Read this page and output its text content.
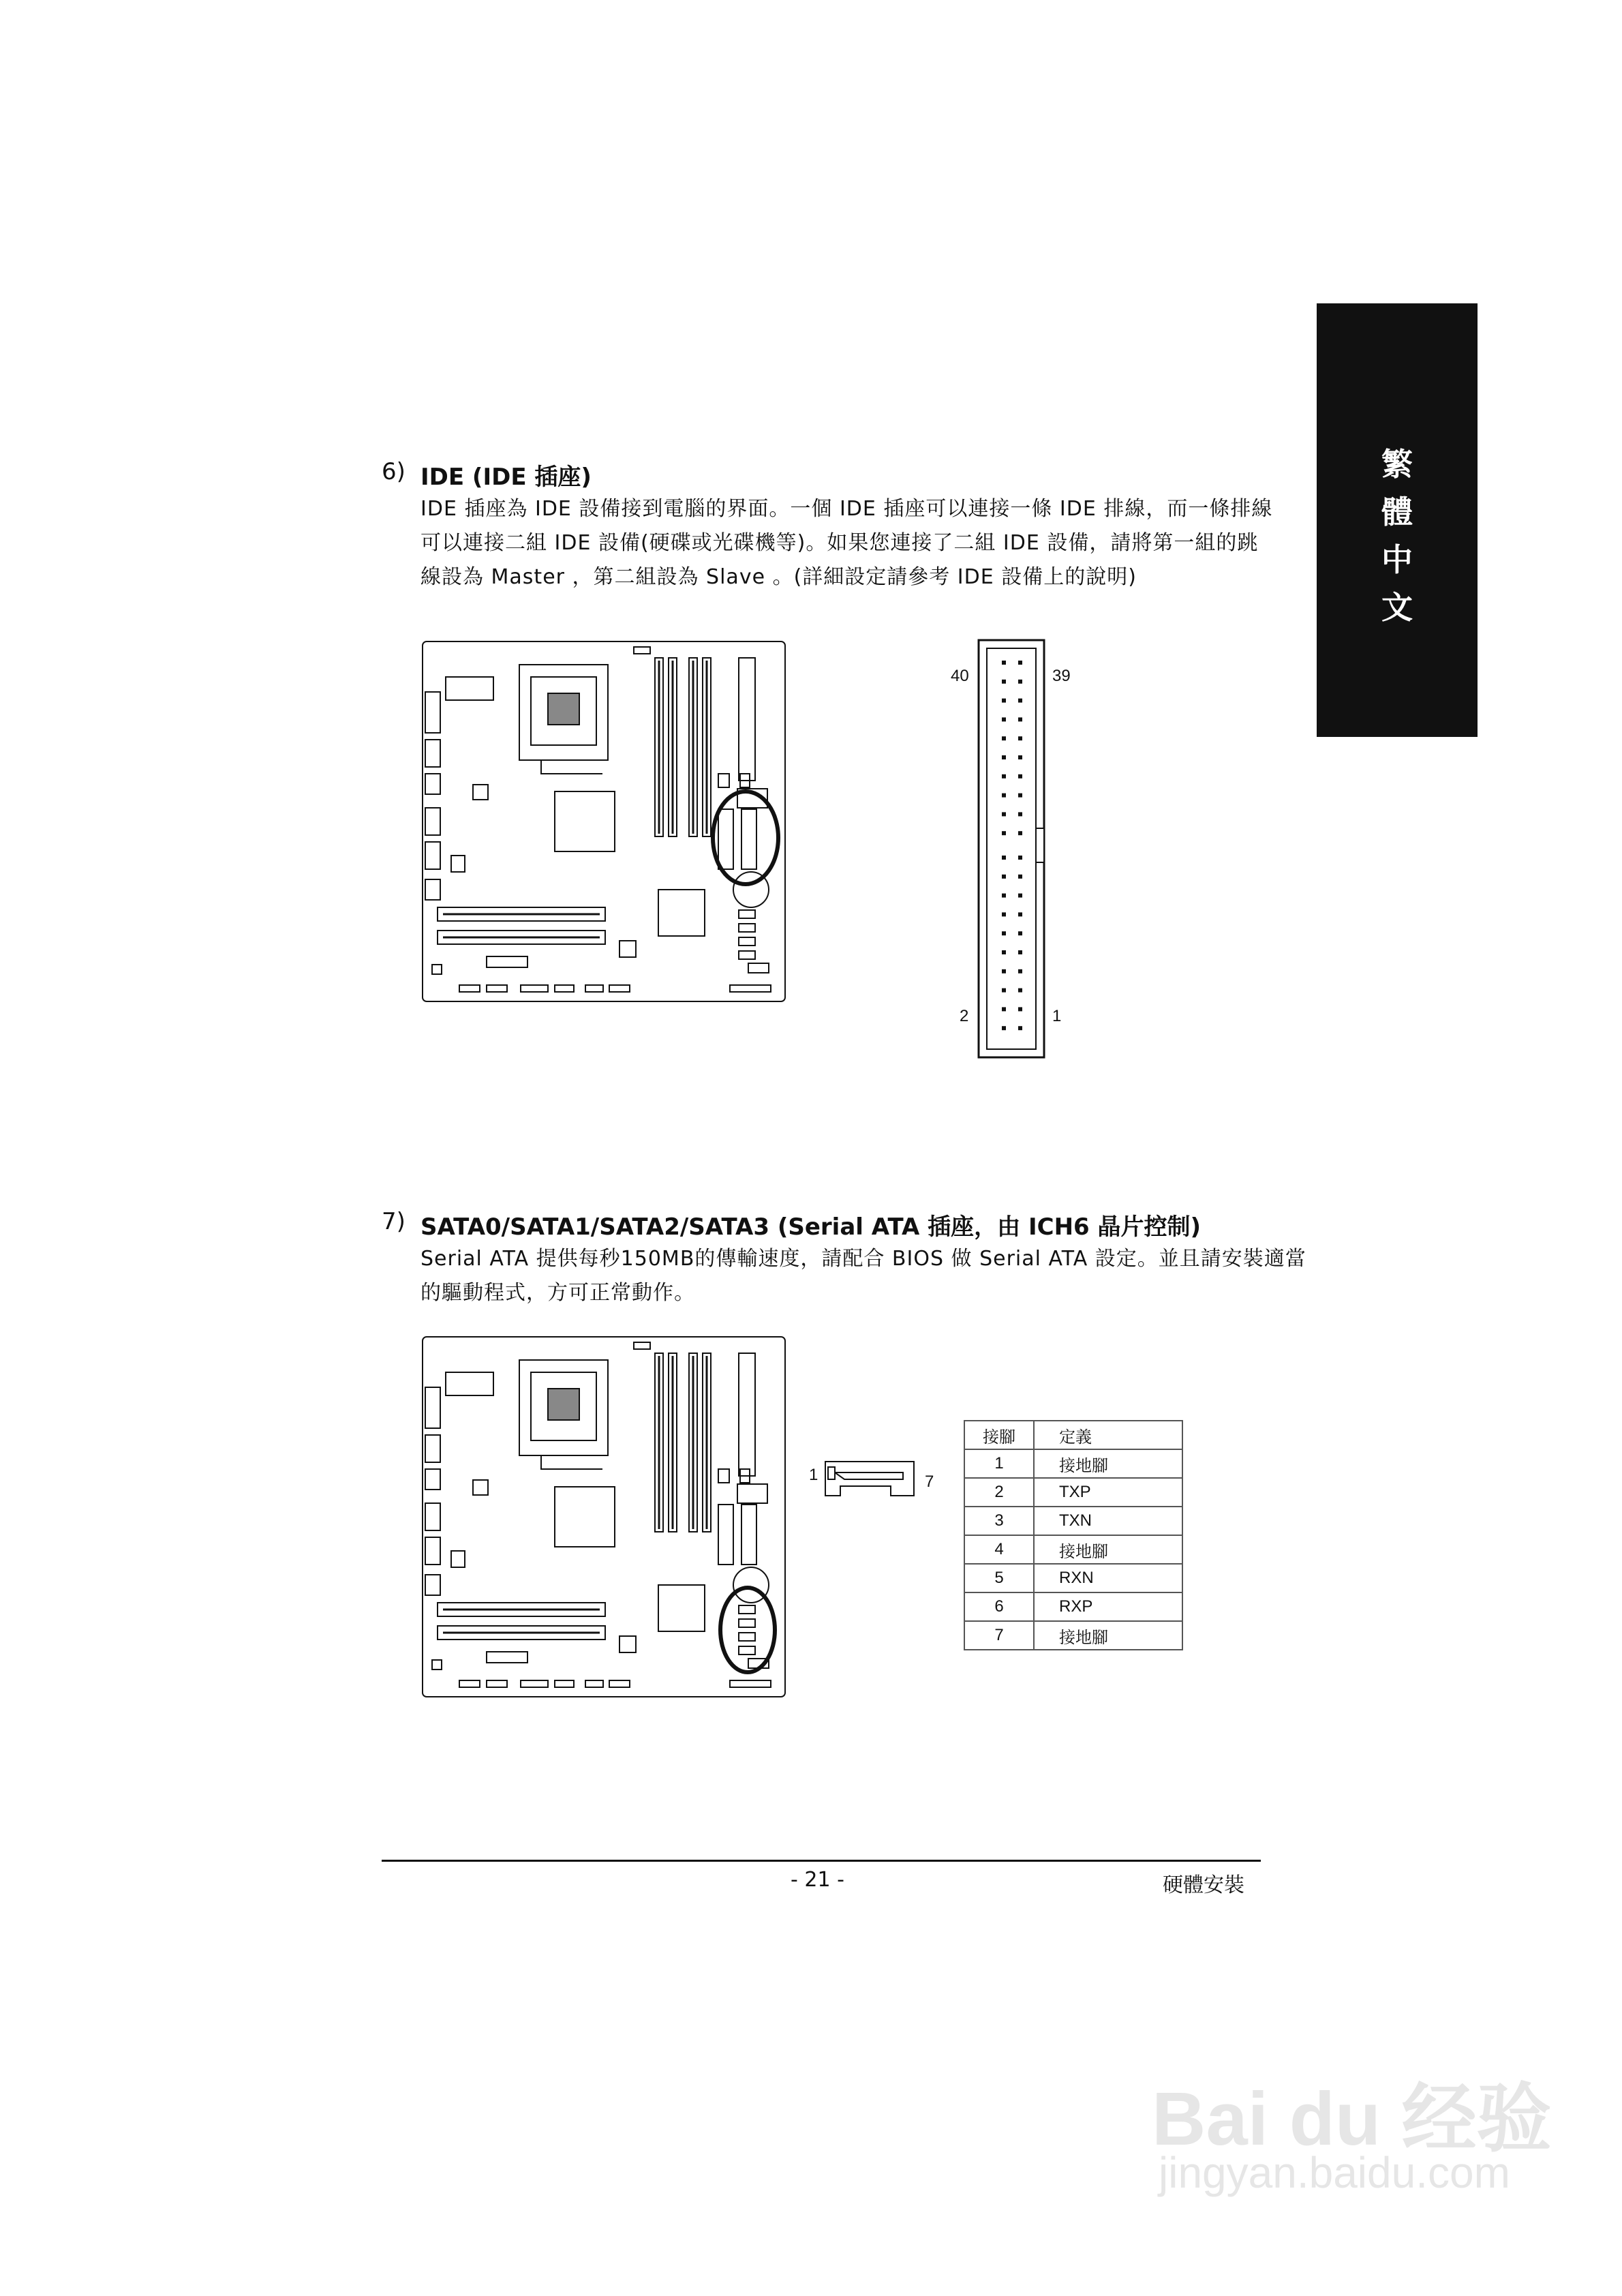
繁
體
中
文
6) IDE (IDE 插座)
IDE 插座為 IDE 設備接到電腦的界面。一個 IDE 插座可以連接一條 IDE 排線，而一條排線
可以連接二組 IDE 設備(硬碟或光碟機等)。如果您連接了二組 IDE 設備，請將第一組的跳
線設為 Master ，第二組設為 Slave 。(詳細設定請參考 IDE 設備上的說明)
40	39
2	1
7) SATA0/SATA1/SATA2/SATA3 (Serial ATA 插座，由 ICH6 晶片控制)
Serial ATA 提供每秒150MB的傳輸速度，請配合 BIOS 做 Serial ATA 設定。並且請安裝適當
的驅動程式，方可正常動作。
1	7
接腳	定義
1	接地腳
2	TXP
3	TXN
4	接地腳
5	RXN
6	RXP
7	接地腳
- 21 -	硬體安裝
Bai du 经验
jingyan.baidu.com
